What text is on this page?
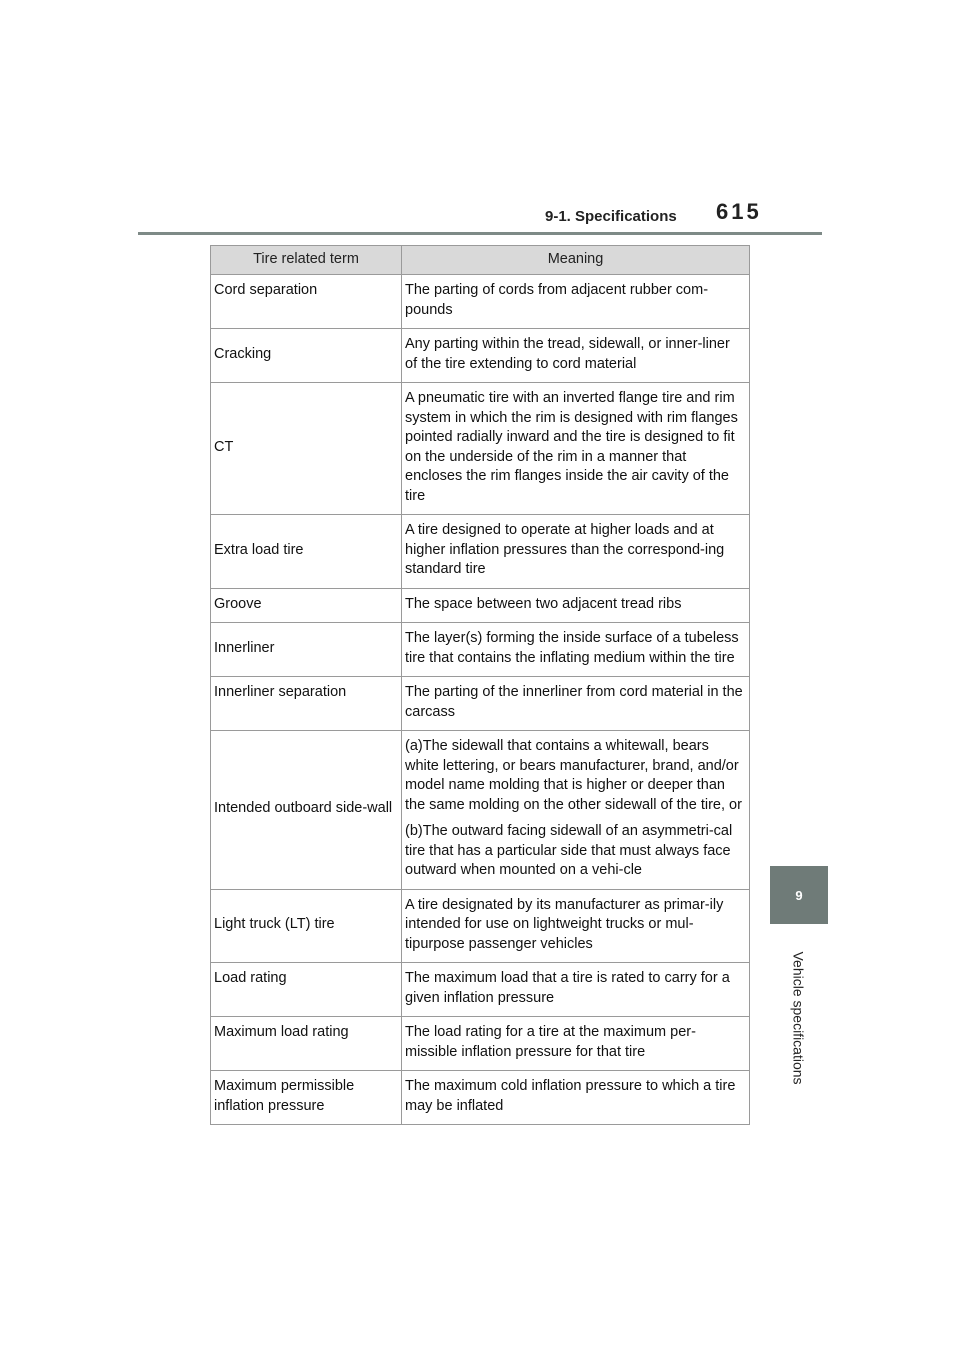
9-1. Specifications 615
9
Vehicle specifications
Tire related term	Meaning
Cord separation	The parting of cords from adjacent rubber com-pounds

Cracking	Any parting within the tread, sidewall, or inner-liner of the tire extending to cord material

CT	A pneumatic tire with an inverted flange tire and rim system in which the rim is designed with rim flanges pointed radially inward and the tire is designed to fit on the underside of the rim in a manner that encloses the rim flanges inside the air cavity of the tire

Extra load tire	A tire designed to operate at higher loads and at higher inflation pressures than the correspond-ing standard tire

Groove	The space between two adjacent tread ribs

Innerliner	The layer(s) forming the inside surface of a tubeless tire that contains the inflating medium within the tire

Innerliner separation	The parting of the innerliner from cord material in the carcass

Intended outboard side-wall	(a)The sidewall that contains a whitewall, bears white lettering, or bears manufacturer, brand, and/or model name molding that is higher or deeper than the same molding on the other sidewall of the tire, or

(b)The outward facing sidewall of an asymmetri-cal tire that has a particular side that must always face outward when mounted on a vehi-cle

Light truck (LT) tire	A tire designated by its manufacturer as primar-ily intended for use on lightweight trucks or mul-tipurpose passenger vehicles

Load rating	The maximum load that a tire is rated to carry for a given inflation pressure

Maximum load rating	The load rating for a tire at the maximum per-missible inflation pressure for that tire

Maximum permissible inflation pressure	The maximum cold inflation pressure to which a tire may be inflated
